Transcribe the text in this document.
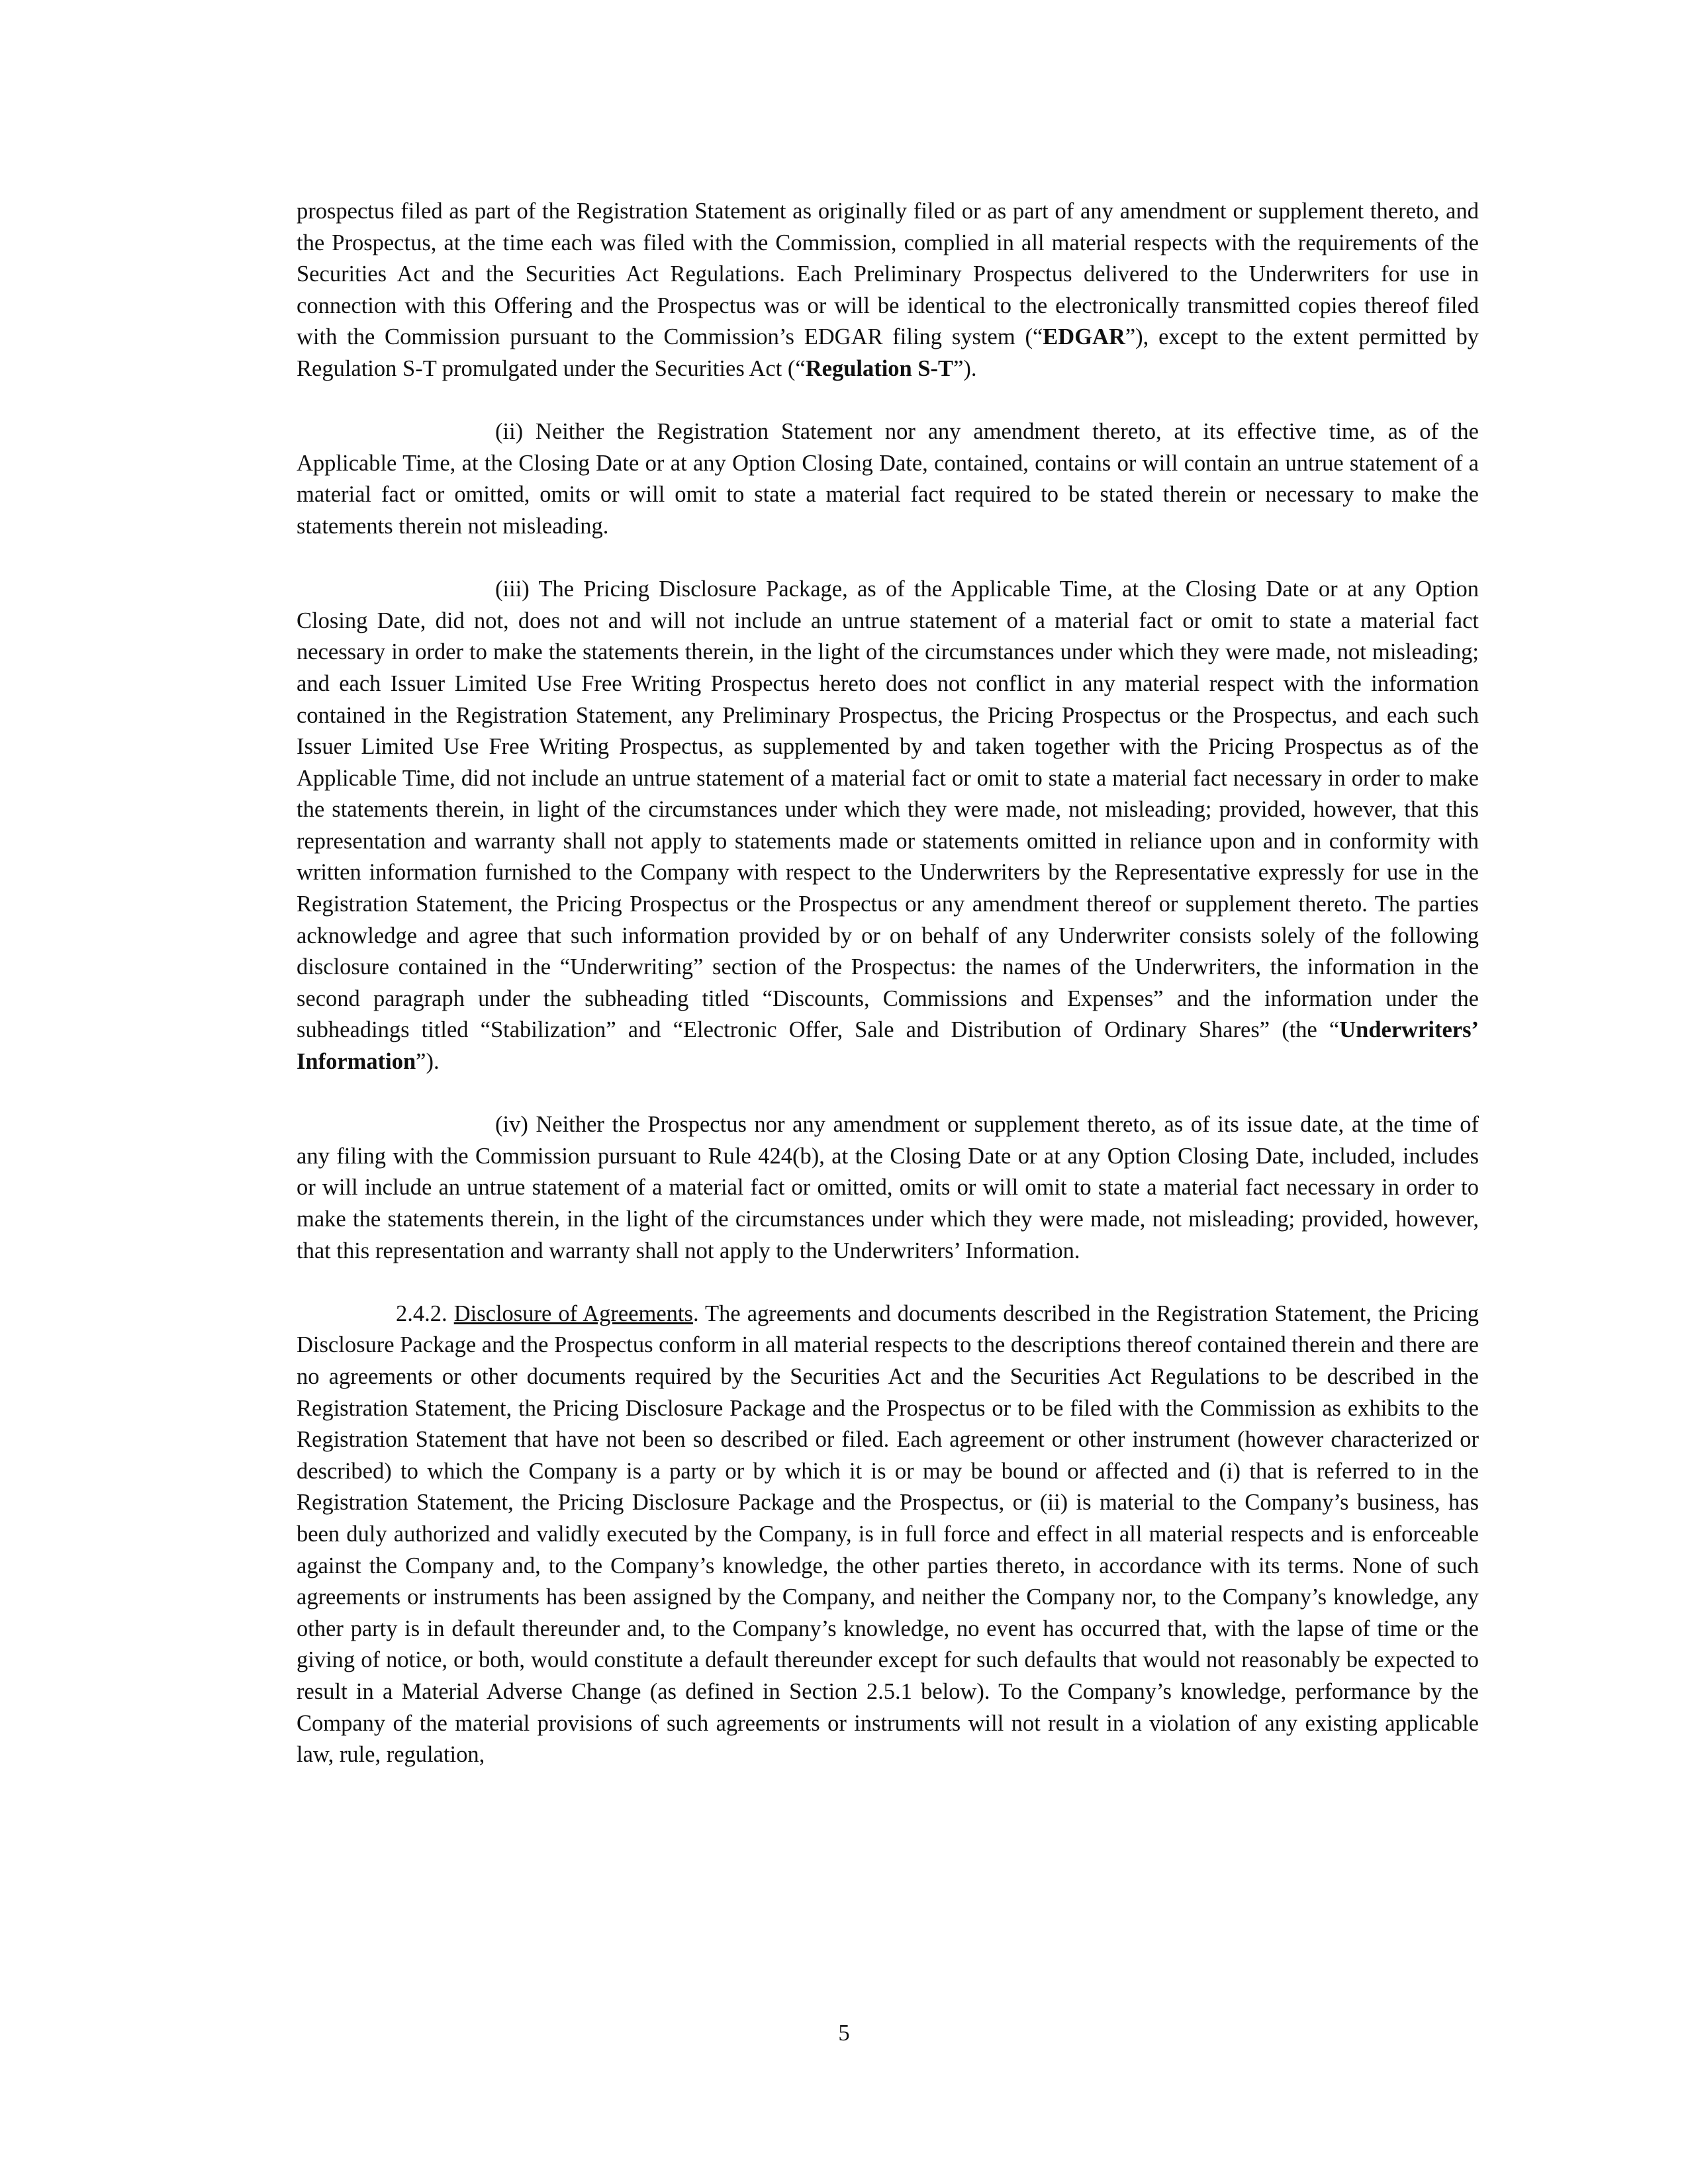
prospectus filed as part of the Registration Statement as originally filed or as part of any amendment or supplement thereto, and the Prospectus, at the time each was filed with the Commission, complied in all material respects with the requirements of the Securities Act and the Securities Act Regulations. Each Preliminary Prospectus delivered to the Underwriters for use in connection with this Offering and the Prospectus was or will be identical to the electronically transmitted copies thereof filed with the Commission pursuant to the Commission’s EDGAR filing system (“EDGAR”), except to the extent permitted by Regulation S-T promulgated under the Securities Act (“Regulation S-T”).

(ii) Neither the Registration Statement nor any amendment thereto, at its effective time, as of the Applicable Time, at the Closing Date or at any Option Closing Date, contained, contains or will contain an untrue statement of a material fact or omitted, omits or will omit to state a material fact required to be stated therein or necessary to make the statements therein not misleading.

(iii) The Pricing Disclosure Package, as of the Applicable Time, at the Closing Date or at any Option Closing Date, did not, does not and will not include an untrue statement of a material fact or omit to state a material fact necessary in order to make the statements therein, in the light of the circumstances under which they were made, not misleading; and each Issuer Limited Use Free Writing Prospectus hereto does not conflict in any material respect with the information contained in the Registration Statement, any Preliminary Prospectus, the Pricing Prospectus or the Prospectus, and each such Issuer Limited Use Free Writing Prospectus, as supplemented by and taken together with the Pricing Prospectus as of the Applicable Time, did not include an untrue statement of a material fact or omit to state a material fact necessary in order to make the statements therein, in light of the circumstances under which they were made, not misleading; provided, however, that this representation and warranty shall not apply to statements made or statements omitted in reliance upon and in conformity with written information furnished to the Company with respect to the Underwriters by the Representative expressly for use in the Registration Statement, the Pricing Prospectus or the Prospectus or any amendment thereof or supplement thereto. The parties acknowledge and agree that such information provided by or on behalf of any Underwriter consists solely of the following disclosure contained in the “Underwriting” section of the Prospectus: the names of the Underwriters, the information in the second paragraph under the subheading titled “Discounts, Commissions and Expenses” and the information under the subheadings titled “Stabilization” and “Electronic Offer, Sale and Distribution of Ordinary Shares” (the “Underwriters’ Information”).

(iv) Neither the Prospectus nor any amendment or supplement thereto, as of its issue date, at the time of any filing with the Commission pursuant to Rule 424(b), at the Closing Date or at any Option Closing Date, included, includes or will include an untrue statement of a material fact or omitted, omits or will omit to state a material fact necessary in order to make the statements therein, in the light of the circumstances under which they were made, not misleading; provided, however, that this representation and warranty shall not apply to the Underwriters’ Information.

2.4.2. Disclosure of Agreements. The agreements and documents described in the Registration Statement, the Pricing Disclosure Package and the Prospectus conform in all material respects to the descriptions thereof contained therein and there are no agreements or other documents required by the Securities Act and the Securities Act Regulations to be described in the Registration Statement, the Pricing Disclosure Package and the Prospectus or to be filed with the Commission as exhibits to the Registration Statement that have not been so described or filed. Each agreement or other instrument (however characterized or described) to which the Company is a party or by which it is or may be bound or affected and (i) that is referred to in the Registration Statement, the Pricing Disclosure Package and the Prospectus, or (ii) is material to the Company’s business, has been duly authorized and validly executed by the Company, is in full force and effect in all material respects and is enforceable against the Company and, to the Company’s knowledge, the other parties thereto, in accordance with its terms. None of such agreements or instruments has been assigned by the Company, and neither the Company nor, to the Company’s knowledge, any other party is in default thereunder and, to the Company’s knowledge, no event has occurred that, with the lapse of time or the giving of notice, or both, would constitute a default thereunder except for such defaults that would not reasonably be expected to result in a Material Adverse Change (as defined in Section 2.5.1 below). To the Company’s knowledge, performance by the Company of the material provisions of such agreements or instruments will not result in a violation of any existing applicable law, rule, regulation,

5
